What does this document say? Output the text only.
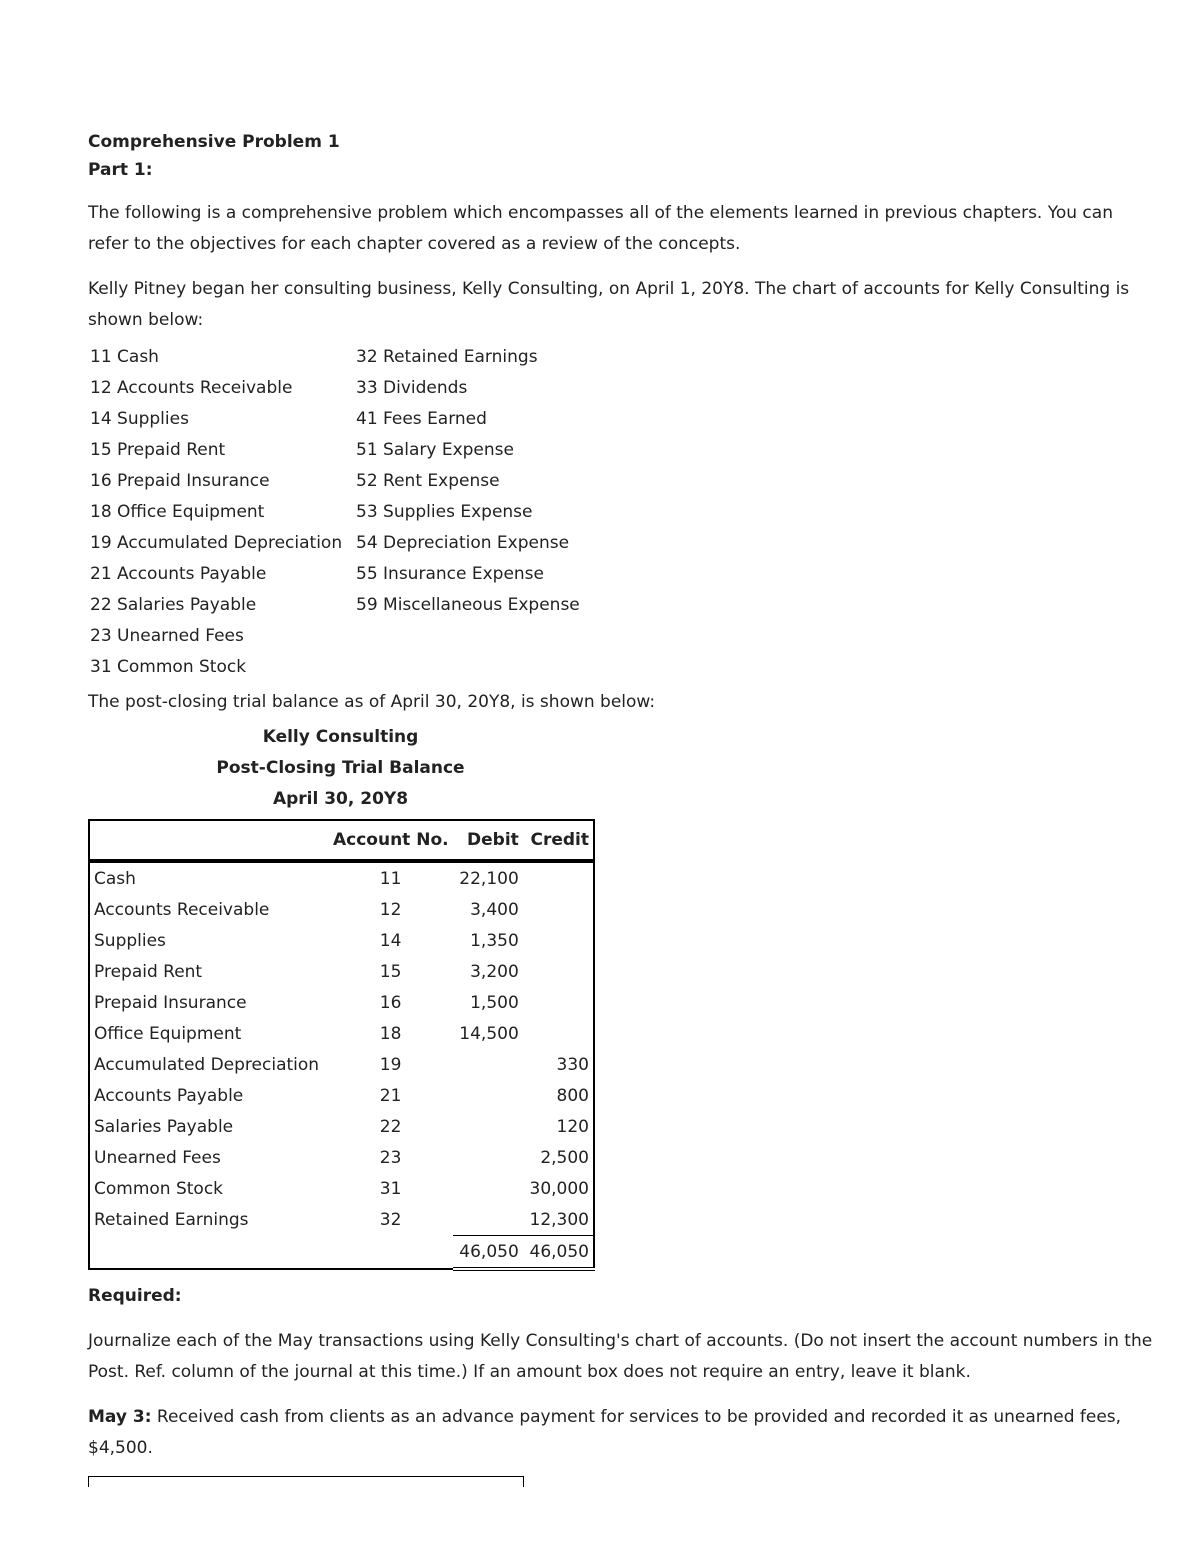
Comprehensive Problem 1
Part 1:

The following is a comprehensive problem which encompasses all of the elements learned in previous chapters. You can refer to the objectives for each chapter covered as a review of the concepts.

Kelly Pitney began her consulting business, Kelly Consulting, on April 1, 20Y8. The chart of accounts for Kelly Consulting is shown below:

11 Cash
12 Accounts Receivable
14 Supplies
15 Prepaid Rent
16 Prepaid Insurance
18 Office Equipment
19 Accumulated Depreciation
21 Accounts Payable
22 Salaries Payable
23 Unearned Fees
31 Common Stock
32 Retained Earnings
33 Dividends
41 Fees Earned
51 Salary Expense
52 Rent Expense
53 Supplies Expense
54 Depreciation Expense
55 Insurance Expense
59 Miscellaneous Expense
The post-closing trial balance as of April 30, 20Y8, is shown below:
Kelly Consulting
Post-Closing Trial Balance
April 30, 20Y8
	Account No.	Debit	Credit
Cash	11	22,100	
Accounts Receivable	12	3,400	
Supplies	14	1,350	
Prepaid Rent	15	3,200	
Prepaid Insurance	16	1,500	
Office Equipment	18	14,500	
Accumulated Depreciation	19		330
Accounts Payable	21		800
Salaries Payable	22		120
Unearned Fees	23		2,500
Common Stock	31		30,000
Retained Earnings	32		12,300
		46,050	46,050
Required:

Journalize each of the May transactions using Kelly Consulting's chart of accounts. (Do not insert the account numbers in the Post. Ref. column of the journal at this time.) If an amount box does not require an entry, leave it blank.

May 3: Received cash from clients as an advance payment for services to be provided and recorded it as unearned fees, $4,500.
